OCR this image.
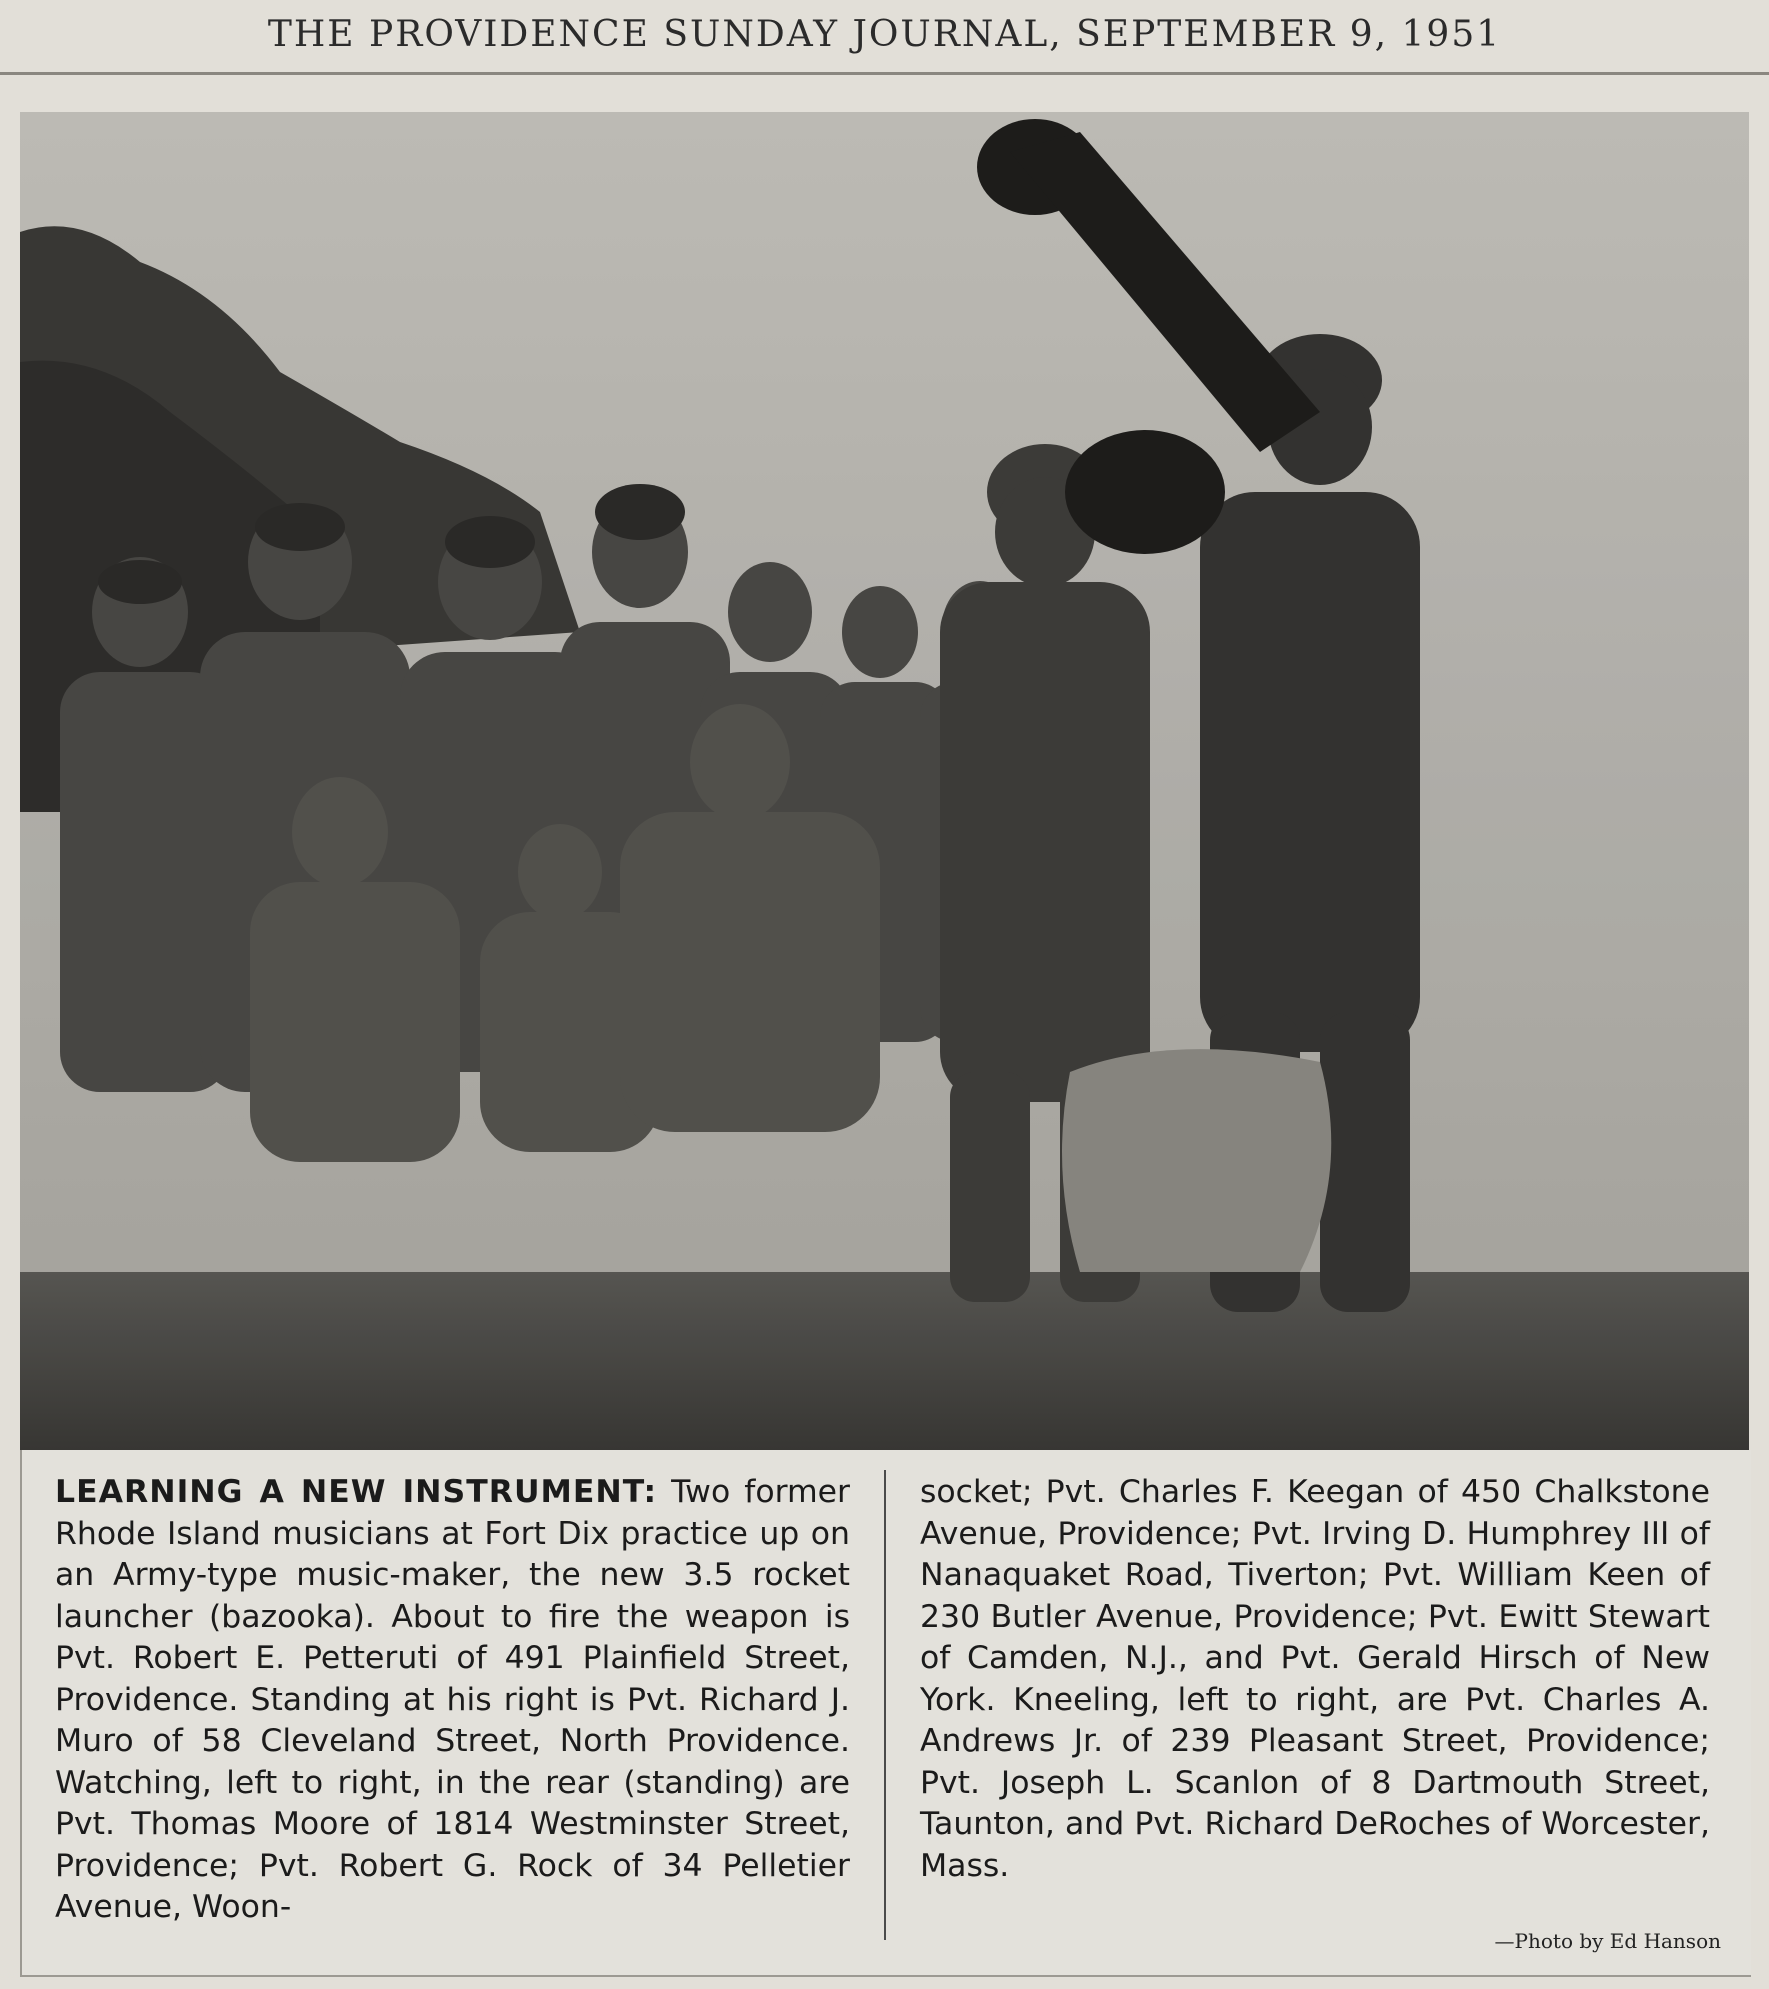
THE PROVIDENCE SUNDAY JOURNAL, SEPTEMBER 9, 1951
LEARNING A NEW INSTRUMENT: Two former Rhode Island musicians at Fort Dix practice up on an Army-type music-maker, the new 3.5 rocket launcher (bazooka). About to fire the weapon is Pvt. Robert E. Petteruti of 491 Plainfield Street, Providence. Standing at his right is Pvt. Richard J. Muro of 58 Cleveland Street, North Providence. Watching, left to right, in the rear (standing) are Pvt. Thomas Moore of 1814 Westminster Street, Providence; Pvt. Robert G. Rock of 34 Pelletier Avenue, Woon-
socket; Pvt. Charles F. Keegan of 450 Chalkstone Avenue, Providence; Pvt. Irving D. Humphrey III of Nanaquaket Road, Tiverton; Pvt. William Keen of 230 Butler Avenue, Providence; Pvt. Ewitt Stewart of Camden, N.J., and Pvt. Gerald Hirsch of New York. Kneeling, left to right, are Pvt. Charles A. Andrews Jr. of 239 Pleasant Street, Providence; Pvt. Joseph L. Scanlon of 8 Dartmouth Street, Taunton, and Pvt. Richard DeRoches of Worcester, Mass.
—Photo by Ed Hanson
